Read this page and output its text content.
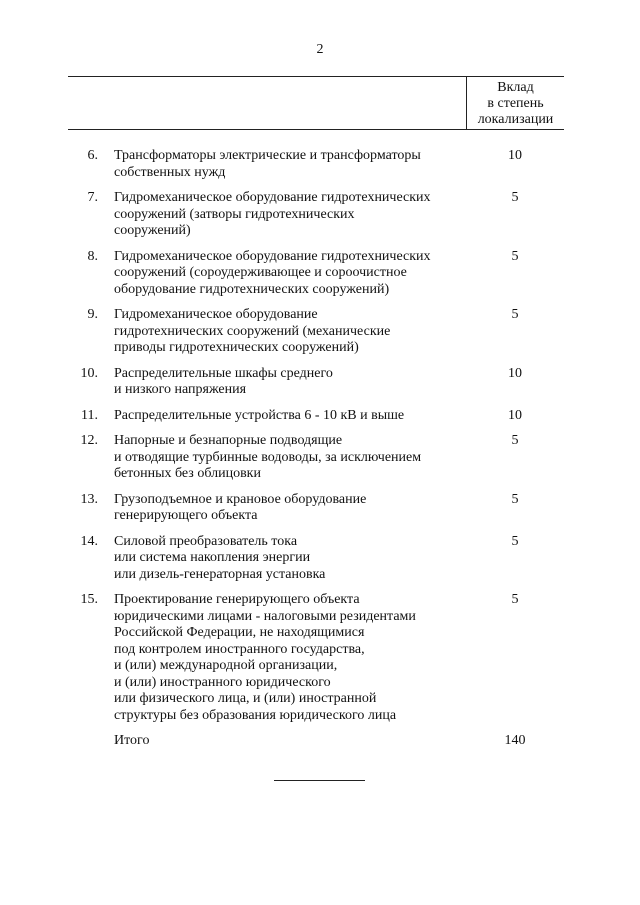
2
Вклад
в степень
локализации
6. Трансформаторы электрические и трансформаторы
собственных нужд
10
7. Гидромеханическое оборудование гидротехнических
сооружений (затворы гидротехнических
сооружений)
5
8. Гидромеханическое оборудование гидротехнических
сооружений (сороудерживающее и сороочистное
оборудование гидротехнических сооружений)
5
9. Гидромеханическое оборудование
гидротехнических сооружений (механические
приводы гидротехнических сооружений)
5
10. Распределительные шкафы среднего
и низкого напряжения
10
11. Распределительные устройства 6 - 10 кВ и выше	10
12. Напорные и безнапорные подводящие
и отводящие турбинные водоводы, за исключением
бетонных без облицовки
5
13. Грузоподъемное и крановое оборудование
генерирующего объекта
5
14. Силовой преобразователь тока
или система накопления энергии
или дизель-генераторная установка
5
15. Проектирование генерирующего объекта
юридическими лицами - налоговыми резидентами
Российской Федерации, не находящимися
под контролем иностранного государства,
и (или) международной организации,
и (или) иностранного юридического
или физического лица, и (или) иностранной
структуры без образования юридического лица
5
Итого	140
